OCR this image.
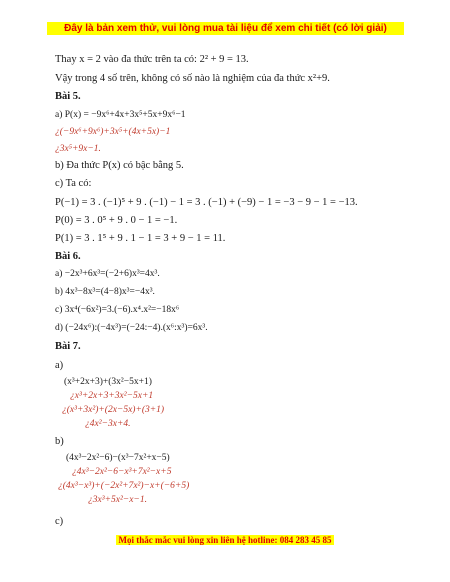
Đây là bản xem thử, vui lòng mua tài liệu để xem chi tiết (có lời giải)
Thay x = 2 vào đa thức trên ta có: 2² + 9 = 13.
Vậy trong 4 số trên, không có số nào là nghiệm của đa thức x²+9.
Bài 5.
a) P(x) = −9x⁶+4x+3x⁵+5x+9x⁶−1
¿(−9x⁶+9x⁶)+3x⁵+(4x+5x)−1
¿3x⁵+9x−1.
b) Đa thức P(x) có bậc bằng 5.
c) Ta có:
P(−1) = 3 . (−1)⁵ + 9 . (−1) − 1 = 3 . (−1) + (−9) − 1 = −3 − 9 − 1 = −13.
P(0) = 3 . 0⁵ + 9 . 0 − 1 = −1.
P(1) = 3 . 1⁵ + 9 . 1 − 1 = 3 + 9 − 1 = 11.
Bài 6.
a) −2x³+6x³=(−2+6)x³=4x³.
b) 4x³−8x³=(4−8)x³=−4x³.
c) 3x⁴(−6x²)=3.(−6).x⁴.x²=−18x⁶
d) (−24x⁶):(−4x³)=(−24:−4).(x⁶:x³)=6x³.
Bài 7.
a)
(x³+2x+3)+(3x²−5x+1)
¿x³+2x+3+3x²−5x+1
¿(x³+3x²)+(2x−5x)+(3+1)
¿4x²−3x+4.
b)
(4x³−2x²−6)−(x³−7x²+x−5)
¿4x³−2x²−6−x³+7x²−x+5
¿(4x³−x³)+(−2x²+7x²)−x+(−6+5)
¿3x³+5x²−x−1.
c)
Mọi thắc mắc vui lòng xin liên hệ hotline: 084 283 45 85
